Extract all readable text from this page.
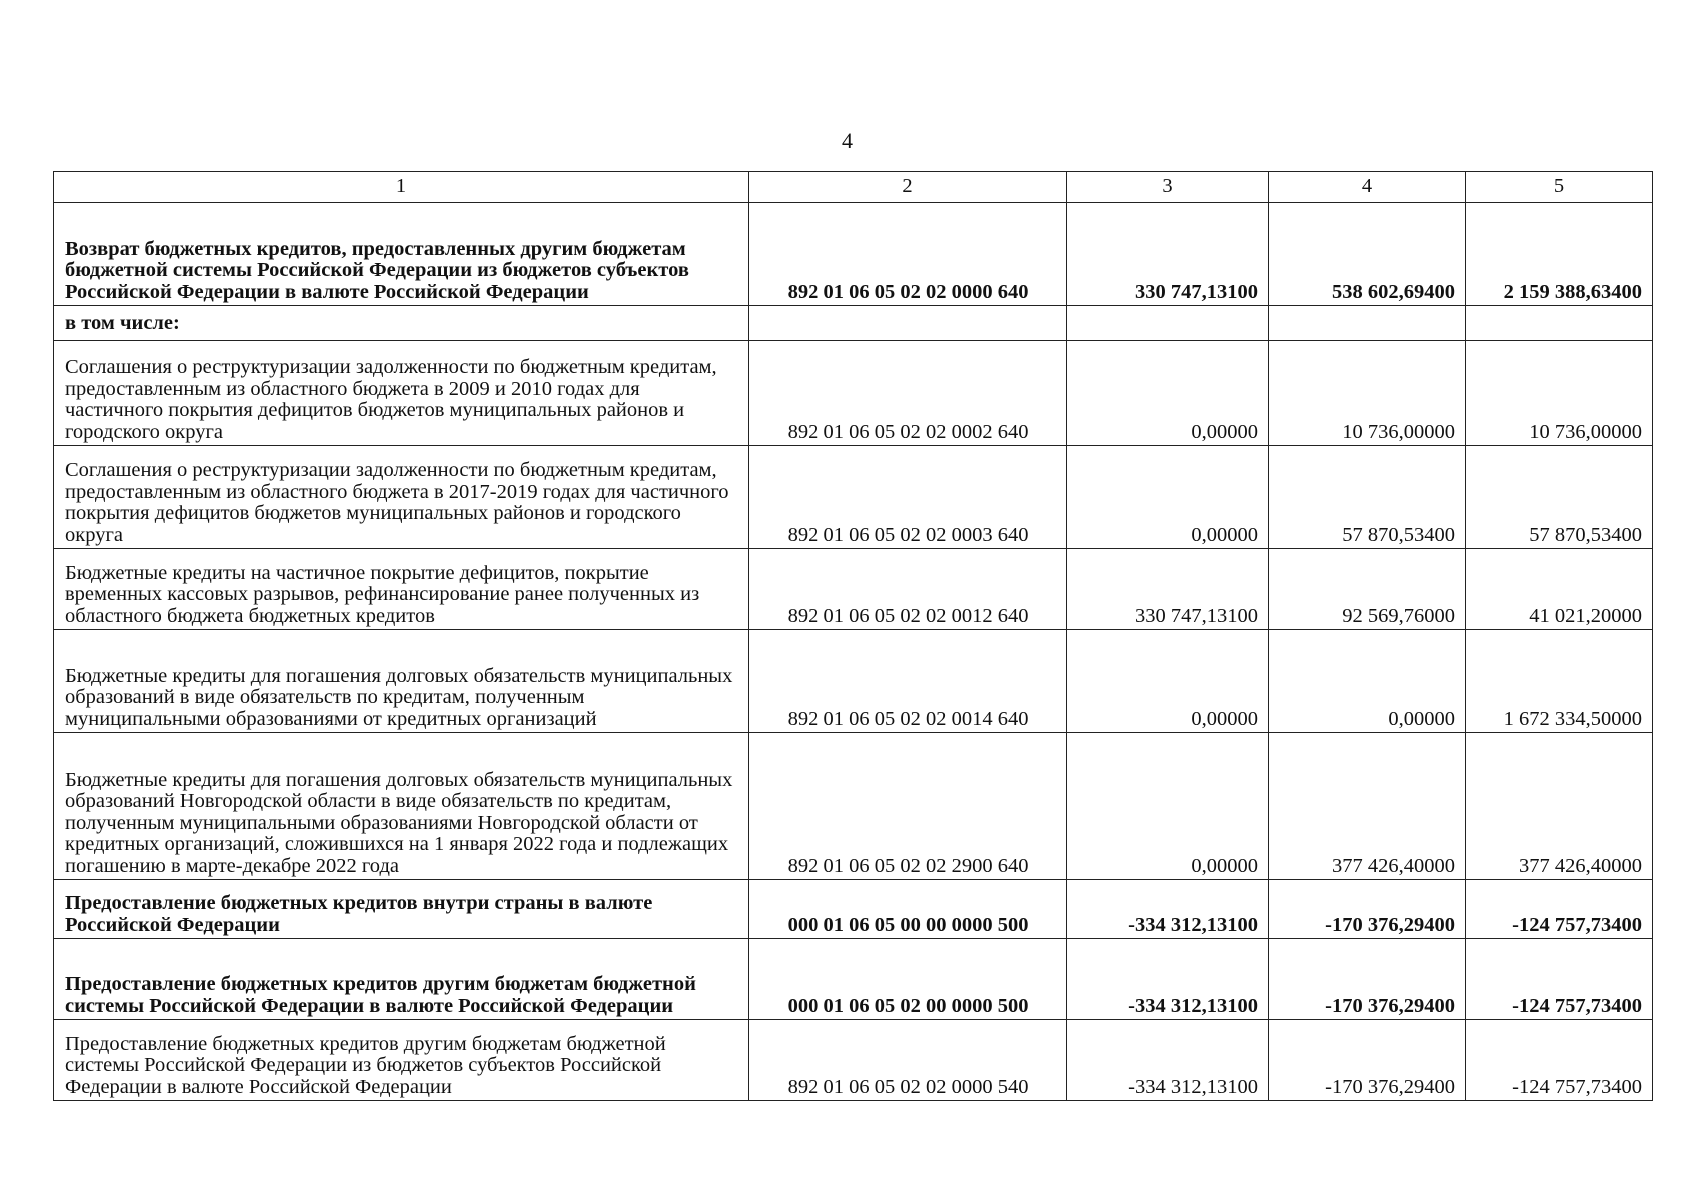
4
1	2	3	4	5
Возврат бюджетных кредитов, предоставленных другим бюджетам бюджетной системы Российской Федерации из бюджетов субъектов Российской Федерации в валюте Российской Федерации	892 01 06 05 02 02 0000 640	330 747,13100	538 602,69400	2 159 388,63400
в том числе:				
Соглашения о реструктуризации задолженности по бюджетным кредитам, предоставленным из областного бюджета в 2009 и 2010 годах для частичного покрытия дефицитов бюджетов муниципальных районов и городского округа	892 01 06 05 02 02 0002 640	0,00000	10 736,00000	10 736,00000
Соглашения о реструктуризации задолженности по бюджетным кредитам, предоставленным из областного бюджета в 2017-2019 годах для частичного покрытия дефицитов бюджетов муниципальных районов и городского округа	892 01 06 05 02 02 0003 640	0,00000	57 870,53400	57 870,53400
Бюджетные кредиты на частичное покрытие дефицитов, покрытие временных кассовых разрывов, рефинансирование ранее полученных из областного бюджета бюджетных кредитов	892 01 06 05 02 02 0012 640	330 747,13100	92 569,76000	41 021,20000
Бюджетные кредиты для погашения долговых обязательств муниципальных образований в виде обязательств по кредитам, полученным муниципальными образованиями от кредитных организаций	892 01 06 05 02 02 0014 640	0,00000	0,00000	1 672 334,50000
Бюджетные кредиты для погашения долговых обязательств муниципальных образований Новгородской области в виде обязательств по кредитам, полученным муниципальными образованиями Новгородской области от кредитных организаций, сложившихся на 1 января 2022 года и подлежащих погашению в марте-декабре 2022 года	892 01 06 05 02 02 2900 640	0,00000	377 426,40000	377 426,40000
Предоставление бюджетных кредитов внутри страны в валюте Российской Федерации	000 01 06 05 00 00 0000 500	-334 312,13100	-170 376,29400	-124 757,73400
Предоставление бюджетных кредитов другим бюджетам бюджетной системы Российской Федерации в валюте Российской Федерации	000 01 06 05 02 00 0000 500	-334 312,13100	-170 376,29400	-124 757,73400
Предоставление бюджетных кредитов другим бюджетам бюджетной системы Российской Федерации из бюджетов субъектов Российской Федерации в валюте Российской Федерации	892 01 06 05 02 02 0000 540	-334 312,13100	-170 376,29400	-124 757,73400
